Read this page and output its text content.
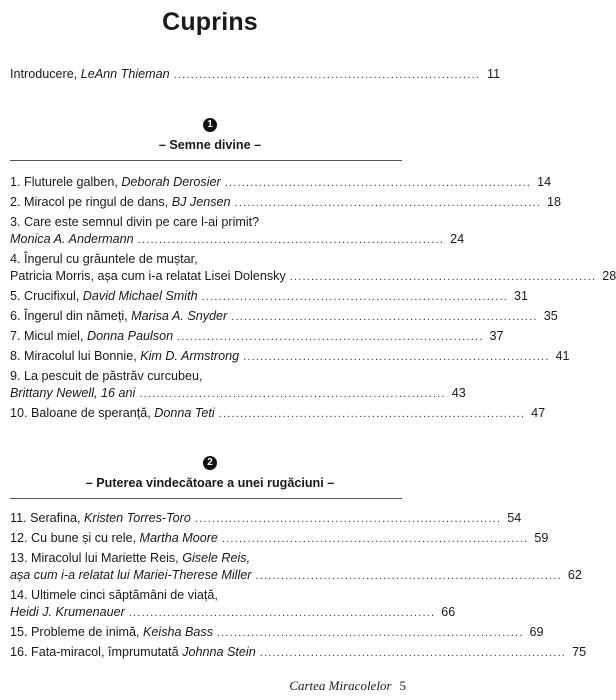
Cuprins
Introducere, LeAnn Thieman ........................................................................ 11
1
– Semne divine –
1. Fluturele galben, Deborah Derosier ........................................................................ 14
2. Miracol pe ringul de dans, BJ Jensen ........................................................................ 18
3. Care este semnul divin pe care l-ai primit?
Monica A. Andermann ........................................................................ 24
4. Îngerul cu grăuntele de muștar,
Patricia Morris, așa cum i-a relatat Lisei Dolensky ........................................................................ 28
5. Crucifixul, David Michael Smith ........................................................................ 31
6. Îngerul din nămeți, Marisa A. Snyder ........................................................................ 35
7. Micul miel, Donna Paulson ........................................................................ 37
8. Miracolul lui Bonnie, Kim D. Armstrong ........................................................................ 41
9. La pescuit de păstrăv curcubeu,
Brittany Newell, 16 ani ........................................................................ 43
10. Baloane de speranță, Donna Teti ........................................................................ 47
2
– Puterea vindecătoare a unei rugăciuni –
11. Serafina, Kristen Torres-Toro ........................................................................ 54
12. Cu bune și cu rele, Martha Moore ........................................................................ 59
13. Miracolul lui Mariette Reis, Gisele Reis,
așa cum i-a relatat lui Mariei-Therese Miller ........................................................................ 62
14. Ultimele cinci săptămâni de viață,
Heidi J. Krumenauer ........................................................................ 66
15. Probleme de inimă, Keisha Bass ........................................................................ 69
16. Fata-miracol, împrumutată Johnna Stein ........................................................................ 75
Cartea Miracolelor 5
